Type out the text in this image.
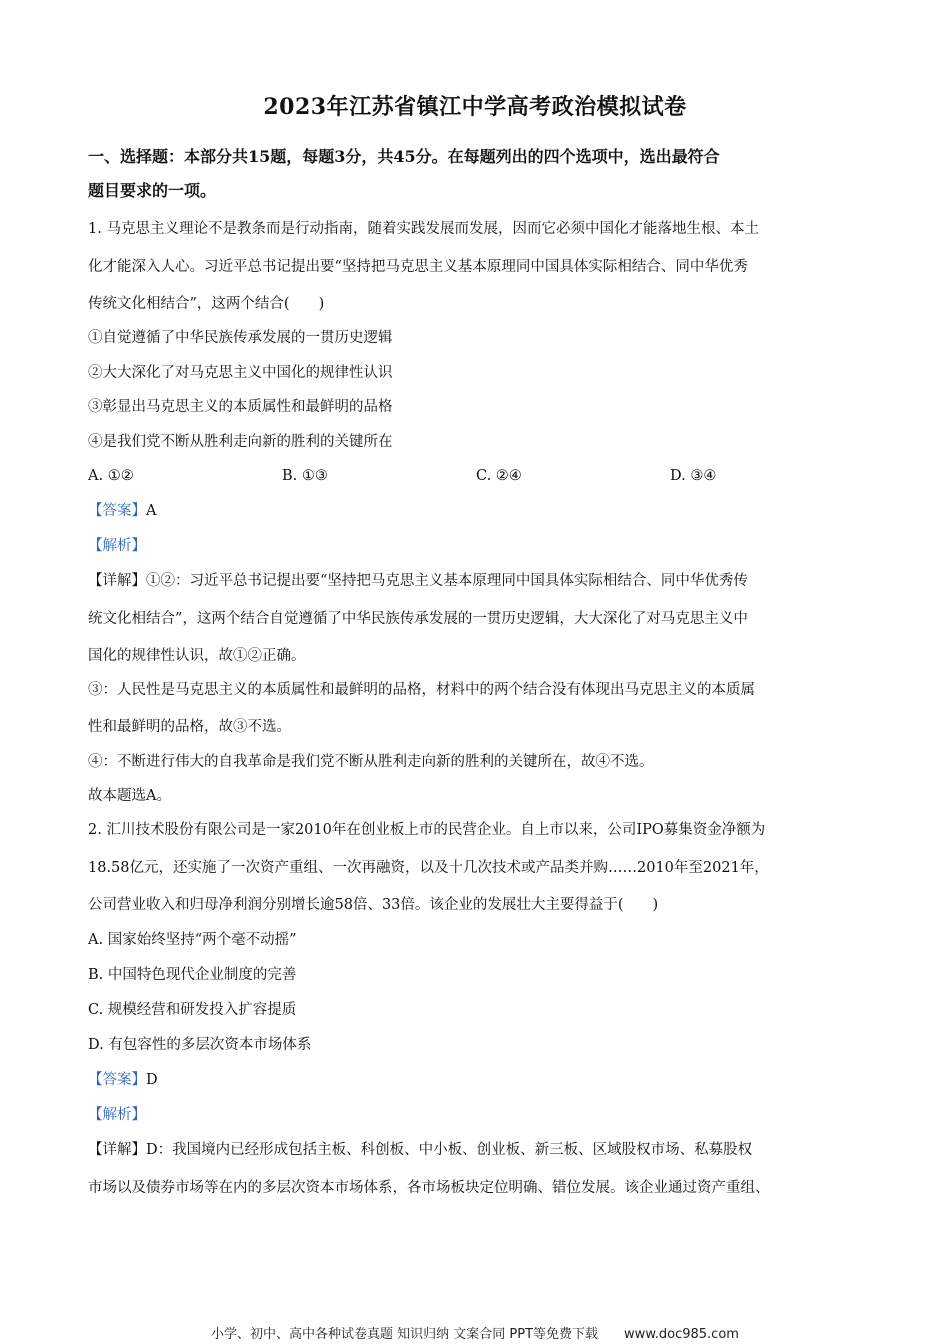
2023年江苏省镇江中学高考政治模拟试卷
一、选择题：本部分共15题，每题3分，共45分。在每题列出的四个选项中，选出最符合
题目要求的一项。
1. 马克思主义理论不是教条而是行动指南，随着实践发展而发展，因而它必须中国化才能落地生根、本土
化才能深入人心。习近平总书记提出要“坚持把马克思主义基本原理同中国具体实际相结合、同中华优秀
传统文化相结合”，这两个结合(　　)
①自觉遵循了中华民族传承发展的一贯历史逻辑
②大大深化了对马克思主义中国化的规律性认识
③彰显出马克思主义的本质属性和最鲜明的品格
④是我们党不断从胜利走向新的胜利的关键所在
A. ①②	B. ①③	C. ②④	D. ③④
【答案】A
【解析】
【详解】①②：习近平总书记提出要“坚持把马克思主义基本原理同中国具体实际相结合、同中华优秀传
统文化相结合”，这两个结合自觉遵循了中华民族传承发展的一贯历史逻辑，大大深化了对马克思主义中
国化的规律性认识，故①②正确。
③：人民性是马克思主义的本质属性和最鲜明的品格，材料中的两个结合没有体现出马克思主义的本质属
性和最鲜明的品格，故③不选。
④：不断进行伟大的自我革命是我们党不断从胜利走向新的胜利的关键所在，故④不选。
故本题选A。
2. 汇川技术股份有限公司是一家2010年在创业板上市的民营企业。自上市以来，公司IPO募集资金净额为
18.58亿元，还实施了一次资产重组、一次再融资，以及十几次技术或产品类并购……2010年至2021年，
公司营业收入和归母净利润分别增长逾58倍、33倍。该企业的发展壮大主要得益于(　　)
A. 国家始终坚持“两个毫不动摇”
B. 中国特色现代企业制度的完善
C. 规模经营和研发投入扩容提质
D. 有包容性的多层次资本市场体系
【答案】D
【解析】
【详解】D：我国境内已经形成包括主板、科创板、中小板、创业板、新三板、区域股权市场、私募股权
市场以及债券市场等在内的多层次资本市场体系，各市场板块定位明确、错位发展。该企业通过资产重组、
小学、初中、高中各种试卷真题 知识归纳 文案合同 PPT等免费下载　　www.doc985.com
